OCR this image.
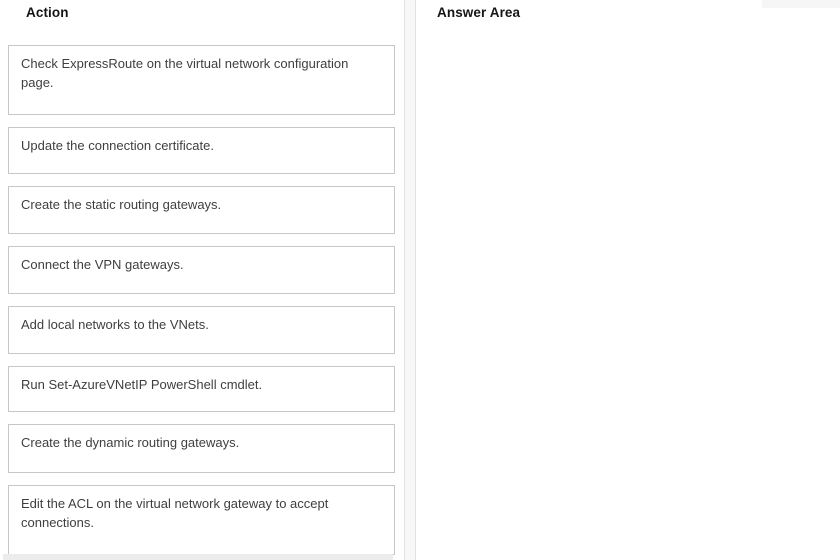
Action	Answer Area
Check ExpressRoute on the virtual network configuration page.
Update the connection certificate.
Create the static routing gateways.
Connect the VPN gateways.
Add local networks to the VNets.
Run Set-AzureVNetIP PowerShell cmdlet.
Create the dynamic routing gateways.
Edit the ACL on the virtual network gateway to accept connections.
